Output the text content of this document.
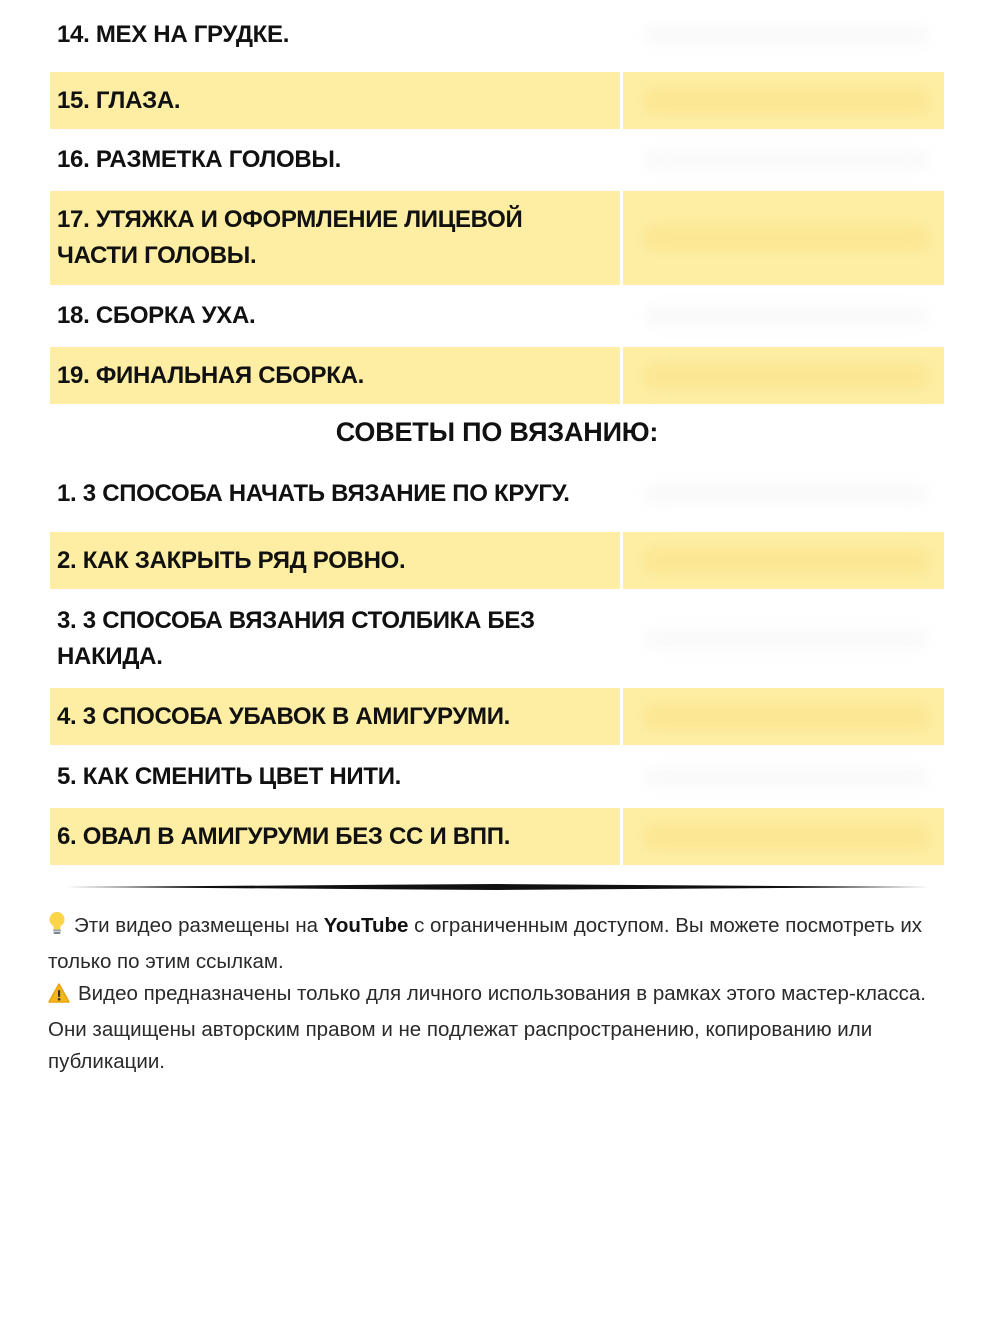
14. МЕХ НА ГРУДКЕ.
15. ГЛАЗА.
16. РАЗМЕТКА ГОЛОВЫ.
17. УТЯЖКА И ОФОРМЛЕНИЕ ЛИЦЕВОЙ ЧАСТИ ГОЛОВЫ.
18. СБОРКА УХА.
19. ФИНАЛЬНАЯ СБОРКА.
СОВЕТЫ ПО ВЯЗАНИЮ:
1. 3 СПОСОБА НАЧАТЬ ВЯЗАНИЕ ПО КРУГУ.
2. КАК ЗАКРЫТЬ РЯД РОВНО.
3. 3 СПОСОБА ВЯЗАНИЯ СТОЛБИКА БЕЗ НАКИДА.
4. 3 СПОСОБА УБАВОК В АМИГУРУМИ.
5. КАК СМЕНИТЬ ЦВЕТ НИТИ.
6. ОВАЛ В АМИГУРУМИ БЕЗ СС И ВПП.

Эти видео размещены на YouTube с ограниченным доступом. Вы можете посмотреть их только по этим ссылкам.

Видео предназначены только для личного использования в рамках этого мастер-класса. Они защищены авторским правом и не подлежат распространению, копированию или публикации.
